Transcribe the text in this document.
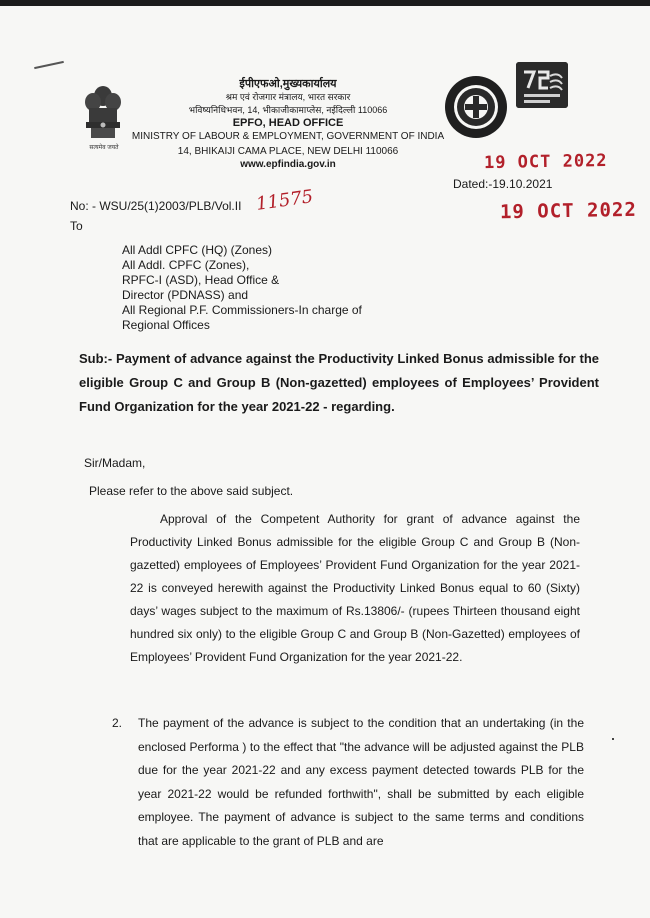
सत्यमेव जयते
ईपीएफओ,मुख्यकार्यालय
श्रम एवं रोजगार मंत्रालय, भारत सरकार
भविष्यनिधिभवन, 14, भीकाजीकामाप्लेस, नईदिल्ली 110066
EPFO, HEAD OFFICE
MINISTRY OF LABOUR & EMPLOYMENT, GOVERNMENT OF INDIA
14, BHIKAIJI CAMA PLACE, NEW DELHI 110066
www.epfindia.gov.in	19 OCT 2022
Dated:-19.10.2021
19 OCT 2022
No: - WSU/25(1)2003/PLB/Vol.II 11575
To
All Addl CPFC (HQ) (Zones)
All Addl. CPFC (Zones),
RPFC-I (ASD), Head Office &
Director (PDNASS) and
All Regional P.F. Commissioners-In charge of
Regional Offices
Sub:- Payment of advance against the Productivity Linked Bonus admissible for the eligible Group C and Group B (Non-gazetted) employees of Employees’ Provident Fund Organization for the year 2021-22 - regarding.
Sir/Madam,
Please refer to the above said subject.
Approval of the Competent Authority for grant of advance against the Productivity Linked Bonus admissible for the eligible Group C and Group B (Non-gazetted) employees of Employees’ Provident Fund Organization for the year 2021-22 is conveyed herewith against the Productivity Linked Bonus equal to 60 (Sixty) days’ wages subject to the maximum of Rs.13806/- (rupees Thirteen thousand eight hundred six only) to the eligible Group C and Group B (Non-Gazetted) employees of Employees’ Provident Fund Organization for the year 2021-22.
2.	The payment of the advance is subject to the condition that an undertaking (in the enclosed Performa ) to the effect that "the advance will be adjusted against the PLB due for the year 2021-22 and any excess payment detected towards PLB for the year 2021-22 would be refunded forthwith", shall be submitted by each eligible employee. The payment of advance is subject to the same terms and conditions that are applicable to the grant of PLB and are
